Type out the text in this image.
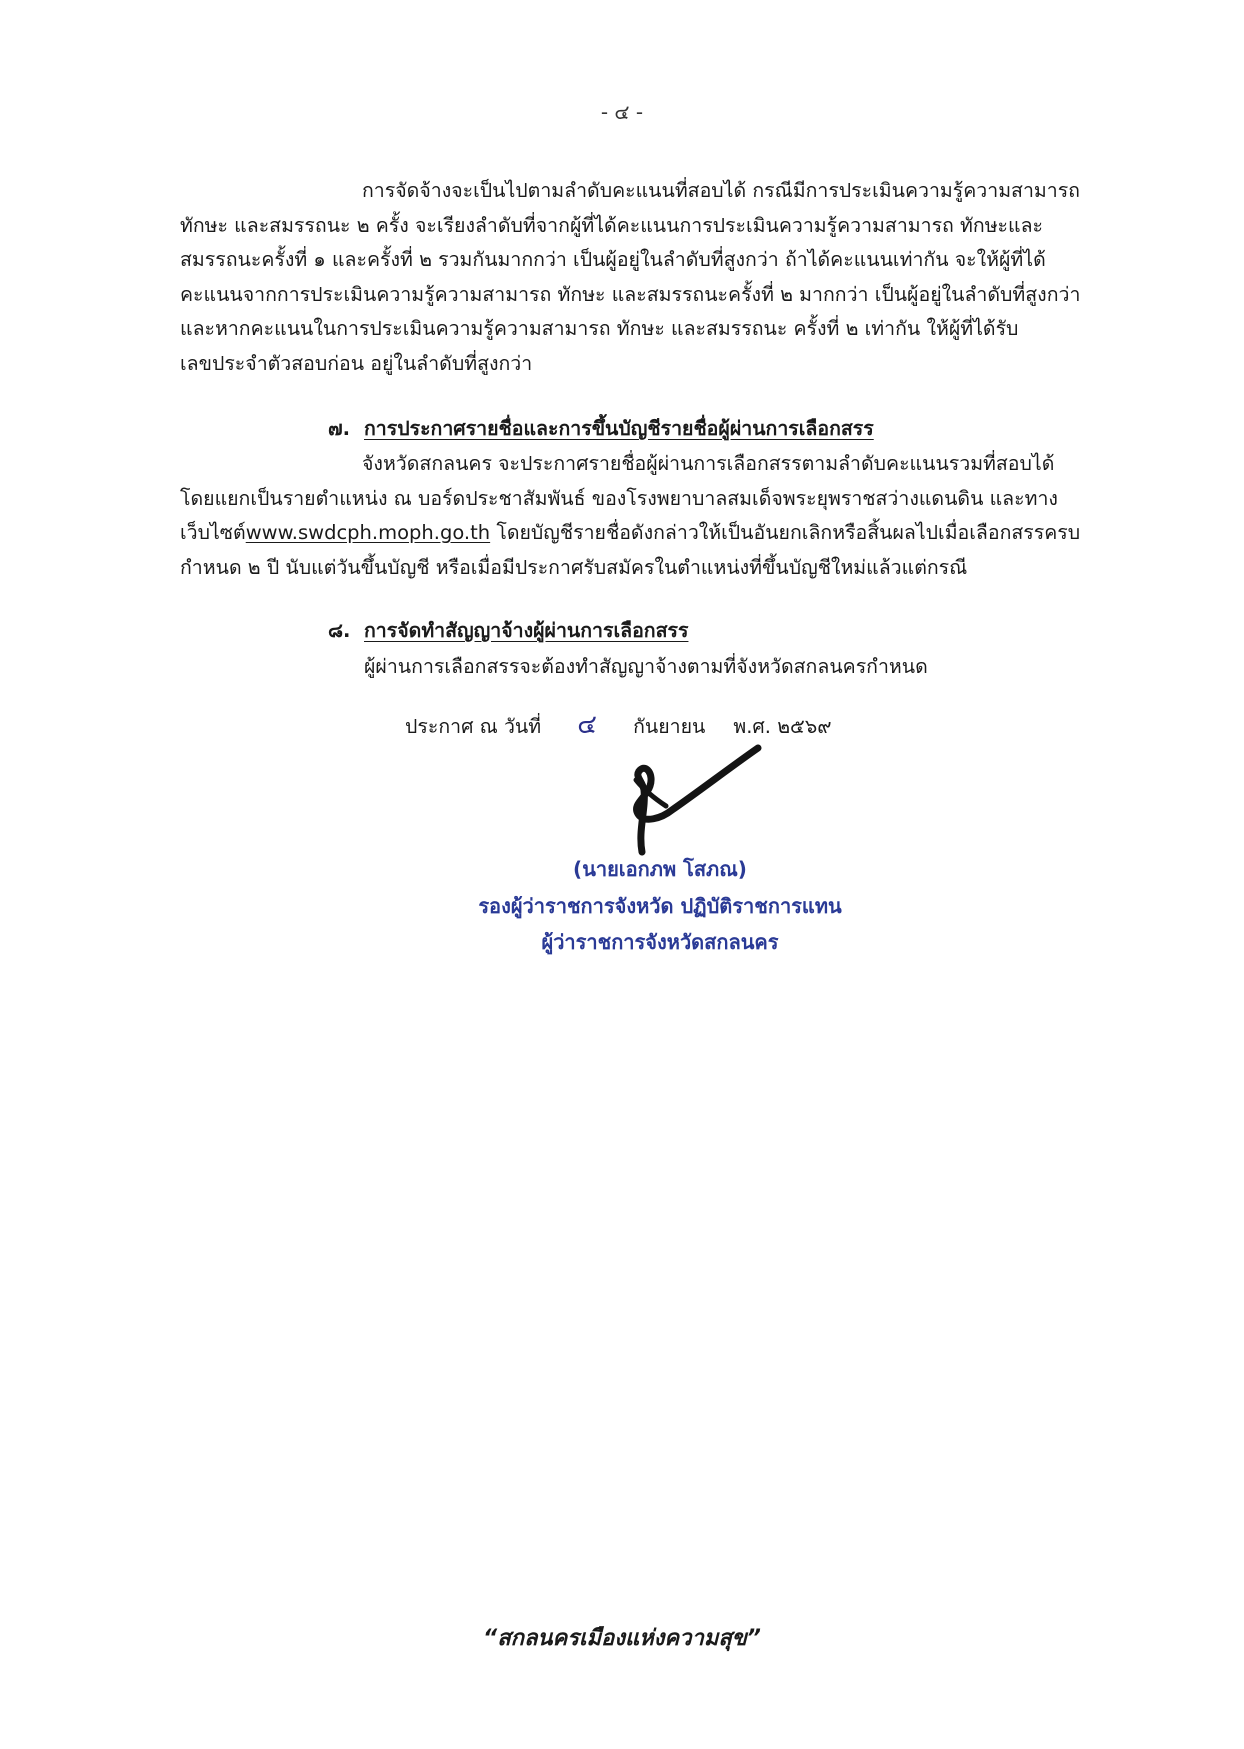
- ๔ -
การจัดจ้างจะเป็นไปตามลำดับคะแนนที่สอบได้ กรณีมีการประเมินความรู้ความสามารถ
ทักษะ และสมรรถนะ ๒ ครั้ง จะเรียงลำดับที่จากผู้ที่ได้คะแนนการประเมินความรู้ความสามารถ ทักษะและ
สมรรถนะครั้งที่ ๑ และครั้งที่ ๒ รวมกันมากกว่า เป็นผู้อยู่ในลำดับที่สูงกว่า ถ้าได้คะแนนเท่ากัน จะให้ผู้ที่ได้
คะแนนจากการประเมินความรู้ความสามารถ ทักษะ และสมรรถนะครั้งที่ ๒ มากกว่า เป็นผู้อยู่ในลำดับที่สูงกว่า
และหากคะแนนในการประเมินความรู้ความสามารถ ทักษะ และสมรรถนะ ครั้งที่ ๒ เท่ากัน ให้ผู้ที่ได้รับ
เลขประจำตัวสอบก่อน อยู่ในลำดับที่สูงกว่า
๗. การประกาศรายชื่อและการขึ้นบัญชีรายชื่อผู้ผ่านการเลือกสรร
จังหวัดสกลนคร จะประกาศรายชื่อผู้ผ่านการเลือกสรรตามลำดับคะแนนรวมที่สอบได้
โดยแยกเป็นรายตำแหน่ง ณ บอร์ดประชาสัมพันธ์ ของโรงพยาบาลสมเด็จพระยุพราชสว่างแดนดิน และทาง
เว็บไซต์www.swdcph.moph.go.th โดยบัญชีรายชื่อดังกล่าวให้เป็นอันยกเลิกหรือสิ้นผลไปเมื่อเลือกสรรครบ
กำหนด ๒ ปี นับแต่วันขึ้นบัญชี หรือเมื่อมีประกาศรับสมัครในตำแหน่งที่ขึ้นบัญชีใหม่แล้วแต่กรณี
๘. การจัดทำสัญญาจ้างผู้ผ่านการเลือกสรร
ผู้ผ่านการเลือกสรรจะต้องทำสัญญาจ้างตามที่จังหวัดสกลนครกำหนด
ประกาศ ณ วันที่ ๔ กันยายน พ.ศ. ๒๕๖๙
(นายเอกภพ โสภณ)
รองผู้ว่าราชการจังหวัด ปฏิบัติราชการแทน
ผู้ว่าราชการจังหวัดสกลนคร
“สกลนครเมืองแห่งความสุข”
